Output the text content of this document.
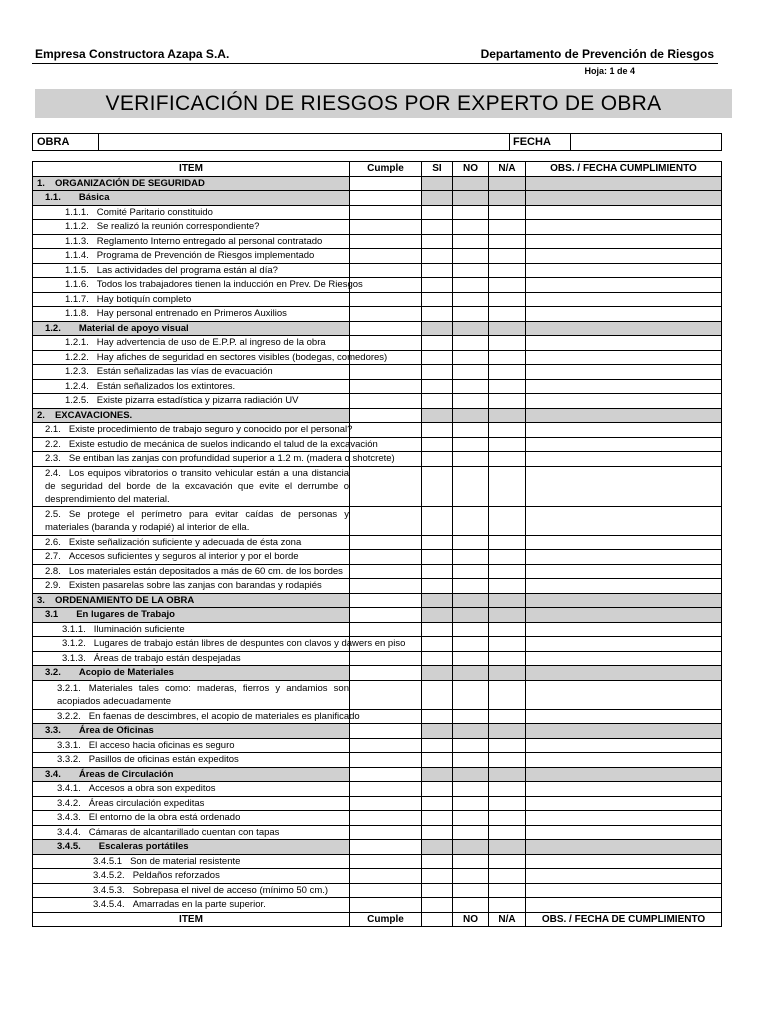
Empresa Constructora Azapa S.A.	Departamento de Prevención de Riesgos
Hoja: 1 de 4
VERIFICACIÓN DE RIESGOS POR EXPERTO DE OBRA
OBRA	FECHA
ITEM	Cumple	SI	NO	N/A	OBS. / FECHA CUMPLIMIENTO
1. ORGANIZACIÓN DE SEGURIDAD					
1.1. Básica					
1.1.1. Comité Paritario constituido					
1.1.2. Se realizó la reunión correspondiente?					
1.1.3. Reglamento Interno entregado al personal contratado					
1.1.4. Programa de Prevención de Riesgos implementado					
1.1.5. Las actividades del programa están al día?					
1.1.6. Todos los trabajadores tienen la inducción en Prev. De Riesgos					
1.1.7. Hay botiquín completo					
1.1.8. Hay personal entrenado en Primeros Auxilios					
1.2. Material de apoyo visual					
1.2.1. Hay advertencia de uso de E.P.P. al ingreso de la obra					
1.2.2. Hay afiches de seguridad en sectores visibles (bodegas, comedores)					
1.2.3. Están señalizadas las vías de evacuación					
1.2.4. Están señalizados los extintores.					
1.2.5. Existe pizarra estadística y pizarra radiación UV					
2. EXCAVACIONES.					
2.1. Existe procedimiento de trabajo seguro y conocido por el personal?					
2.2. Existe estudio de mecánica de suelos indicando el talud de la excavación					
2.3. Se entiban las zanjas con profundidad superior a 1.2 m. (madera o shotcrete)					
2.4. Los equipos vibratorios o transito vehicular están a una distancia de seguridad del borde de la excavación que evite el derrumbe o desprendimiento del material.					
2.5. Se protege el perímetro para evitar caídas de personas y materiales (baranda y rodapié) al interior de ella.					
2.6. Existe señalización suficiente y adecuada de ésta zona					
2.7. Accesos suficientes y seguros al interior y por el borde					
2.8. Los materiales están depositados a más de 60 cm. de los bordes					
2.9. Existen pasarelas sobre las zanjas con barandas y rodapiés					
3. ORDENAMIENTO DE LA OBRA					
3.1 En lugares de Trabajo					
3.1.1. Iluminación suficiente					
3.1.2. Lugares de trabajo están libres de despuntes con clavos y dawers en piso					
3.1.3. Áreas de trabajo están despejadas					
3.2. Acopio de Materiales					
3.2.1. Materiales tales como: maderas, fierros y andamios son acopiados adecuadamente					
3.2.2. En faenas de descimbres, el acopio de materiales es planificado					
3.3. Área de Oficinas					
3.3.1. El acceso hacia oficinas es seguro					
3.3.2. Pasillos de oficinas están expeditos					
3.4. Áreas de Circulación					
3.4.1. Accesos a obra son expeditos					
3.4.2. Áreas circulación expeditas					
3.4.3. El entorno de la obra está ordenado					
3.4.4. Cámaras de alcantarillado cuentan con tapas					
3.4.5. Escaleras portátiles					
3.4.5.1 Son de material resistente					
3.4.5.2. Peldaños reforzados					
3.4.5.3. Sobrepasa el nivel de acceso (mínimo 50 cm.)					
3.4.5.4. Amarradas en la parte superior.					
ITEM	Cumple		NO	N/A	OBS. / FECHA DE CUMPLIMIENTO
